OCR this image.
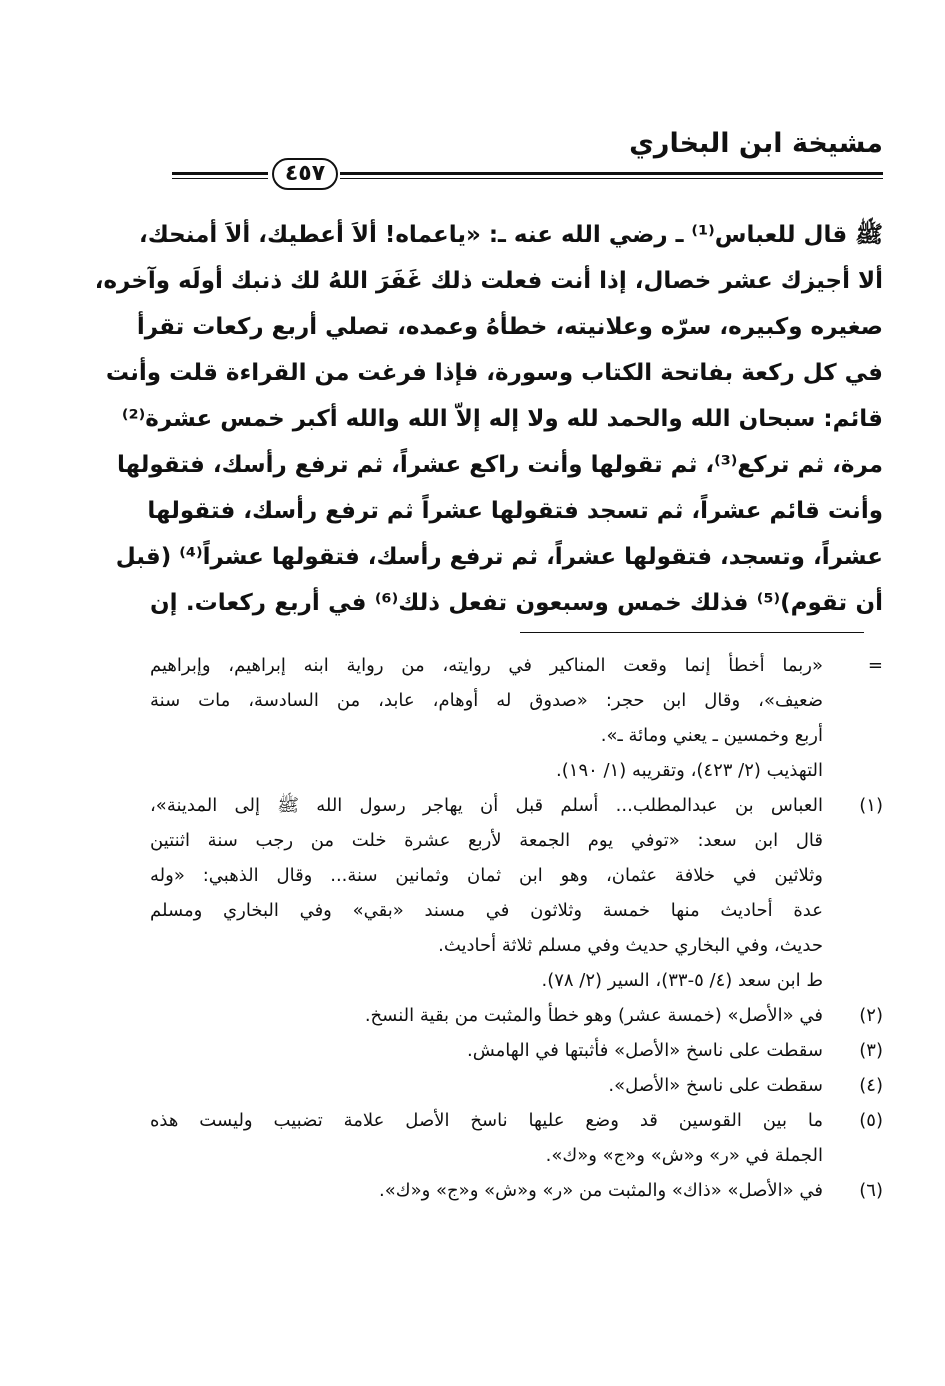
مشيخة ابن البخاري
٤٥٧
ﷺ قال للعباس⁽¹⁾ ـ رضي الله عنه ـ: «ياعماه! ألاَ أعطيك، ألاَ أمنحك،
ألا أجيزك عشر خصال، إذا أنت فعلت ذلك غَفَرَ اللهُ لك ذنبك أولَه وآخره،
صغيره وكبيره، سرّه وعلانيته، خطأهُ وعمده، تصلي أربع ركعات تقرأ
في كل ركعة بفاتحة الكتاب وسورة، فإذا فرغت من القراءة قلت وأنت
قائم: سبحان الله والحمد لله ولا إله إلاّ الله والله أكبر خمس عشرة⁽²⁾
مرة، ثم تركع⁽³⁾، ثم تقولها وأنت راكع عشراً، ثم ترفع رأسك، فتقولها
وأنت قائم عشراً، ثم تسجد فتقولها عشراً ثم ترفع رأسك، فتقولها
عشراً، وتسجد، فتقولها عشراً، ثم ترفع رأسك، فتقولها عشراً⁽⁴⁾ (قبل
أن تقوم)⁽⁵⁾ فذلك خمس وسبعون تفعل ذلك⁽⁶⁾ في أربع ركعات. إن
=«ربما أخطأ إنما وقعت المناكير في روايته، من رواية ابنه إبراهيم، وإبراهيم
ضعيف»، وقال ابن حجر: «صدوق له أوهام، عابد، من السادسة، مات سنة
أربع وخمسين ـ يعني ومائة ـ».
التهذيب (٢/ ٤٢٣)، وتقريبه (١/ ١٩٠).
(١)العباس بن عبدالمطلب... أسلم قبل أن يهاجر رسول الله ﷺ إلى المدينة»،
قال ابن سعد: «توفي يوم الجمعة لأربع عشرة خلت من رجب سنة اثنتين
وثلاثين في خلافة عثمان، وهو ابن ثمان وثمانين سنة... وقال الذهبي: «وله
عدة أحاديث منها خمسة وثلاثون في مسند «بقي» وفي البخاري ومسلم
حديث، وفي البخاري حديث وفي مسلم ثلاثة أحاديث.
ط ابن سعد (٤/ ٥-٣٣)، السير (٢/ ٧٨).
(٢)في «الأصل» (خمسة عشر) وهو خطأ والمثبت من بقية النسخ.
(٣)سقطت على ناسخ «الأصل» فأثبتها في الهامش.
(٤)سقطت على ناسخ «الأصل».
(٥)ما بين القوسين قد وضع عليها ناسخ الأصل علامة تضبيب وليست هذه
الجملة في «ر» و«ش» و«ج» و«ك».
(٦)في «الأصل» «ذاك» والمثبت من «ر» و«ش» و«ج» و«ك».
